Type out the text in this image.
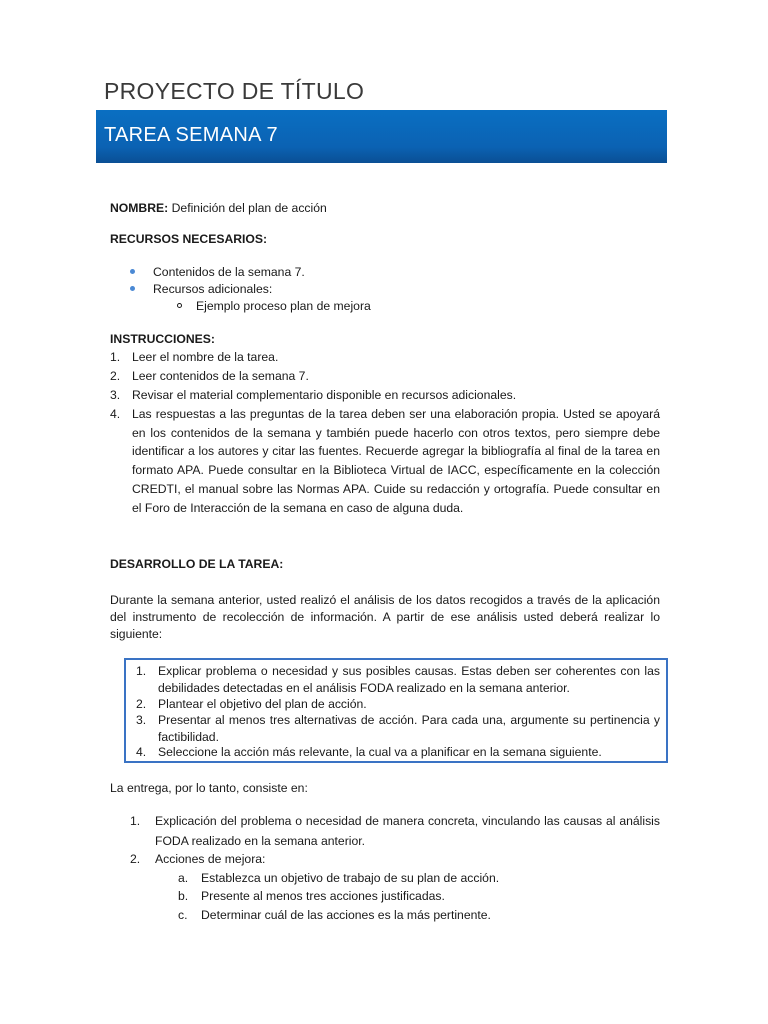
PROYECTO DE TÍTULO
TAREA SEMANA 7
NOMBRE: Definición del plan de acción
RECURSOS NECESARIOS:
Contenidos de la semana 7.
Recursos adicionales:
Ejemplo proceso plan de mejora
INSTRUCCIONES:
1. Leer el nombre de la tarea.
2. Leer contenidos de la semana 7.
3. Revisar el material complementario disponible en recursos adicionales.
4. Las respuestas a las preguntas de la tarea deben ser una elaboración propia. Usted se apoyará en los contenidos de la semana y también puede hacerlo con otros textos, pero siempre debe identificar a los autores y citar las fuentes. Recuerde agregar la bibliografía al final de la tarea en formato APA. Puede consultar en la Biblioteca Virtual de IACC, específicamente en la colección CREDTI, el manual sobre las Normas APA. Cuide su redacción y ortografía. Puede consultar en el Foro de Interacción de la semana en caso de alguna duda.
DESARROLLO DE LA TAREA:
Durante la semana anterior, usted realizó el análisis de los datos recogidos a través de la aplicación del instrumento de recolección de información. A partir de ese análisis usted deberá realizar lo siguiente:
1. Explicar problema o necesidad y sus posibles causas. Estas deben ser coherentes con las debilidades detectadas en el análisis FODA realizado en la semana anterior.
2. Plantear el objetivo del plan de acción.
3. Presentar al menos tres alternativas de acción. Para cada una, argumente su pertinencia y factibilidad.
4. Seleccione la acción más relevante, la cual va a planificar en la semana siguiente.
La entrega, por lo tanto, consiste en:
1.	Explicación del problema o necesidad de manera concreta, vinculando las causas al análisis FODA realizado en la semana anterior.
2.	Acciones de mejora:
a.	Establezca un objetivo de trabajo de su plan de acción.
b.	Presente al menos tres acciones justificadas.
c.	Determinar cuál de las acciones es la más pertinente.
